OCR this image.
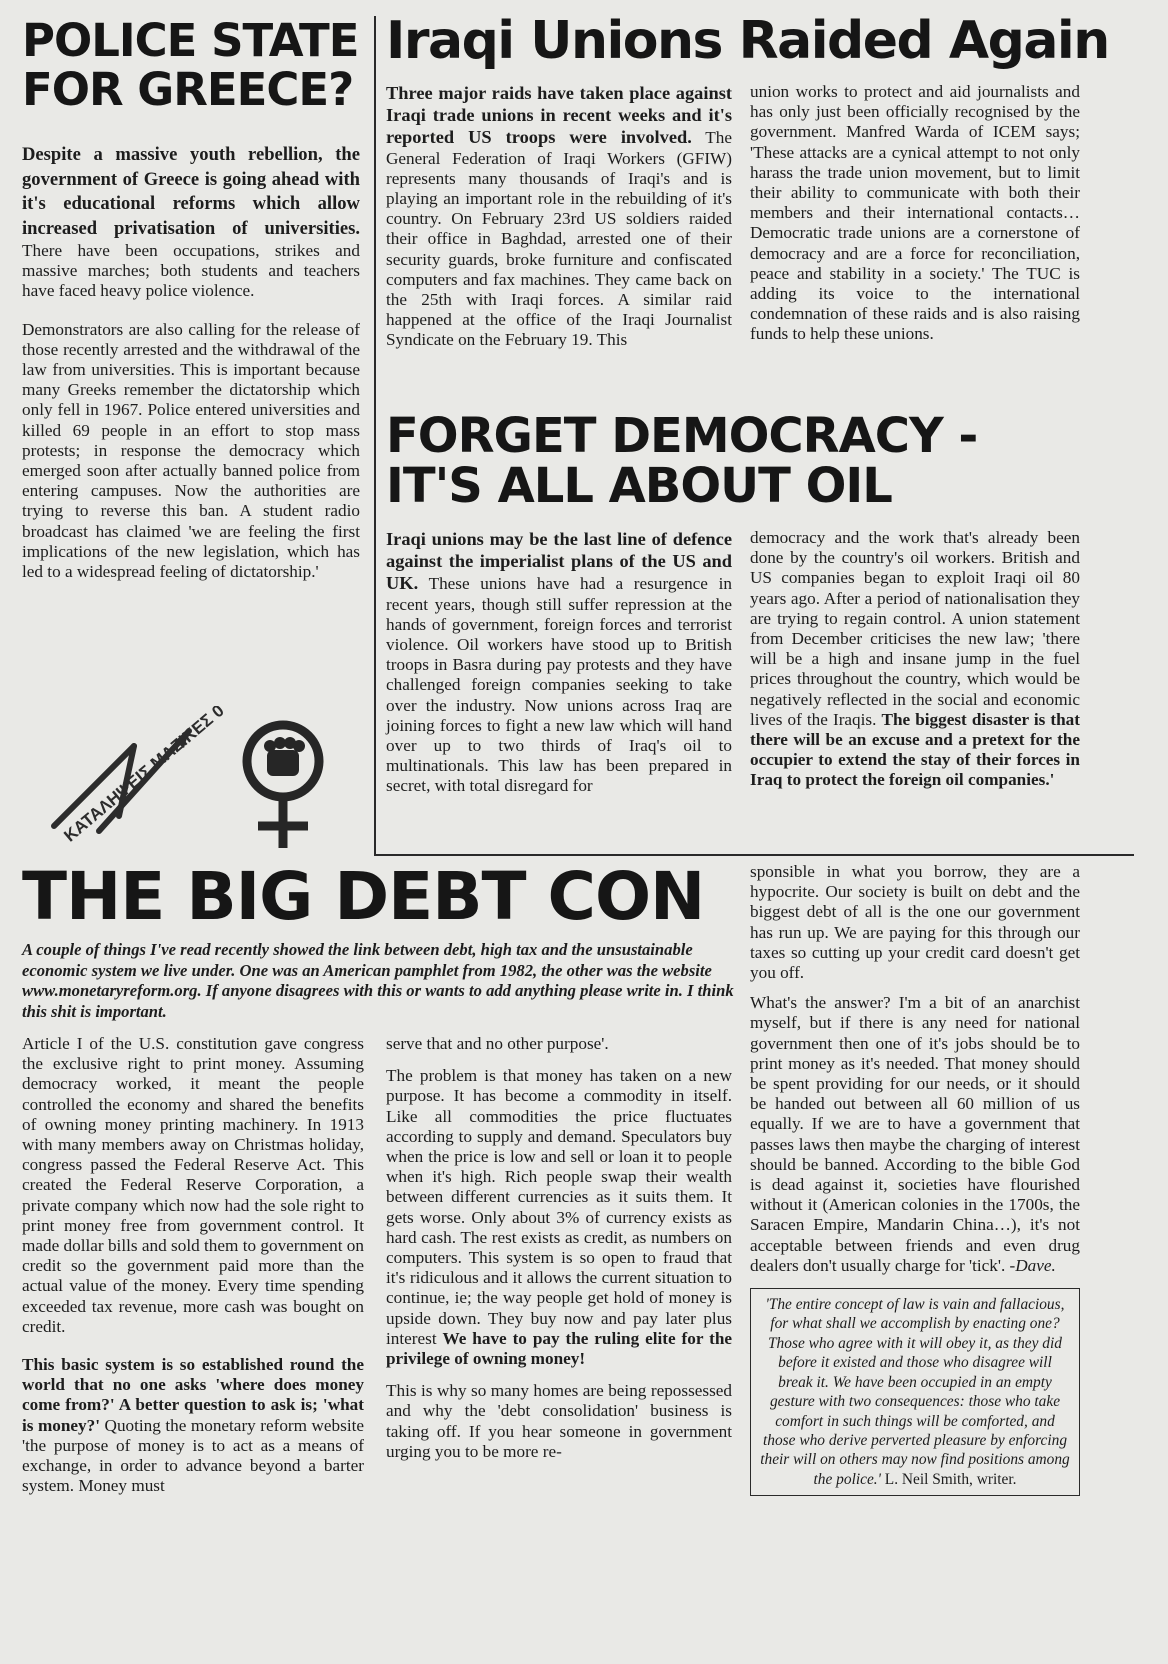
POLICE STATE
FOR GREECE?

Despite a massive youth rebellion, the government of Greece is going ahead with it's educational reforms which allow increased privatisation of universities. There have been occupations, strikes and massive marches; both students and teachers have faced heavy police violence.

Demonstrators are also calling for the release of those recently arrested and the withdrawal of the law from universities. This is important because many Greeks remember the dictatorship which only fell in 1967. Police entered universities and killed 69 people in an effort to stop mass protests; in response the democracy which emerged soon after actually banned police from entering campuses. Now the authorities are trying to reverse this ban. A student radio broadcast has claimed 'we are feeling the first implications of the new legislation, which has led to a widespread feeling of dictatorship.'

ΚΑΤΑΛΗΨΕΙΣ ΜΑΖΙΚΕΣ 07
Iraqi Unions Raided Again

Three major raids have taken place against Iraqi trade unions in recent weeks and it's reported US troops were involved. The General Federation of Iraqi Workers (GFIW) represents many thousands of Iraqi's and is playing an important role in the rebuilding of it's country. On February 23rd US soldiers raided their office in Baghdad, arrested one of their security guards, broke furniture and confiscated computers and fax machines. They came back on the 25th with Iraqi forces. A similar raid happened at the office of the Iraqi Journalist Syndicate on the February 19. This

union works to protect and aid journalists and has only just been officially recognised by the government. Manfred Warda of ICEM says; 'These attacks are a cynical attempt to not only harass the trade union movement, but to limit their ability to communicate with both their members and their international contacts… Democratic trade unions are a cornerstone of democracy and are a force for reconciliation, peace and stability in a society.' The TUC is adding its voice to the international condemnation of these raids and is also raising funds to help these unions.

FORGET DEMOCRACY -
IT'S ALL ABOUT OIL

Iraqi unions may be the last line of defence against the imperialist plans of the US and UK. These unions have had a resurgence in recent years, though still suffer repression at the hands of government, foreign forces and terrorist violence. Oil workers have stood up to British troops in Basra during pay protests and they have challenged foreign companies seeking to take over the industry. Now unions across Iraq are joining forces to fight a new law which will hand over up to two thirds of Iraq's oil to multinationals. This law has been prepared in secret, with total disregard for

democracy and the work that's already been done by the country's oil workers. British and US companies began to exploit Iraqi oil 80 years ago. After a period of nationalisation they are trying to regain control. A union statement from December criticises the new law; 'there will be a high and insane jump in the fuel prices throughout the country, which would be negatively reflected in the social and economic lives of the Iraqis. The biggest disaster is that there will be an excuse and a pretext for the occupier to extend the stay of their forces in Iraq to protect the foreign oil companies.'

THE BIG DEBT CON

A couple of things I've read recently showed the link between debt, high tax and the unsustainable economic system we live under. One was an American pamphlet from 1982, the other was the website www.monetaryreform.org. If anyone disagrees with this or wants to add anything please write in. I think this shit is important.

Article I of the U.S. constitution gave congress the exclusive right to print money. Assuming democracy worked, it meant the people controlled the economy and shared the benefits of owning money printing machinery. In 1913 with many members away on Christmas holiday, congress passed the Federal Reserve Act. This created the Federal Reserve Corporation, a private company which now had the sole right to print money free from government control. It made dollar bills and sold them to government on credit so the government paid more than the actual value of the money. Every time spending exceeded tax revenue, more cash was bought on credit.

This basic system is so established round the world that no one asks 'where does money come from?' A better question to ask is; 'what is money?' Quoting the monetary reform website 'the purpose of money is to act as a means of exchange, in order to advance beyond a barter system. Money must

serve that and no other purpose'.

The problem is that money has taken on a new purpose. It has become a commodity in itself. Like all commodities the price fluctuates according to supply and demand. Speculators buy when the price is low and sell or loan it to people when it's high. Rich people swap their wealth between different currencies as it suits them. It gets worse. Only about 3% of currency exists as hard cash. The rest exists as credit, as numbers on computers. This system is so open to fraud that it's ridiculous and it allows the current situation to continue, ie; the way people get hold of money is upside down. They buy now and pay later plus interest We have to pay the ruling elite for the privilege of owning money!

This is why so many homes are being repossessed and why the 'debt consolidation' business is taking off. If you hear someone in government urging you to be more re-

sponsible in what you borrow, they are a hypocrite. Our society is built on debt and the biggest debt of all is the one our government has run up. We are paying for this through our taxes so cutting up your credit card doesn't get you off.

What's the answer? I'm a bit of an anarchist myself, but if there is any need for national government then one of it's jobs should be to print money as it's needed. That money should be spent providing for our needs, or it should be handed out between all 60 million of us equally. If we are to have a government that passes laws then maybe the charging of interest should be banned. According to the bible God is dead against it, societies have flourished without it (American colonies in the 1700s, the Saracen Empire, Mandarin China…), it's not acceptable between friends and even drug dealers don't usually charge for 'tick'. -Dave.

'The entire concept of law is vain and fallacious, for what shall we accomplish by enacting one? Those who agree with it will obey it, as they did before it existed and those who disagree will break it. We have been occupied in an empty gesture with two consequences: those who take comfort in such things will be comforted, and those who derive perverted pleasure by enforcing their will on others may now find positions among the police.' L. Neil Smith, writer.
